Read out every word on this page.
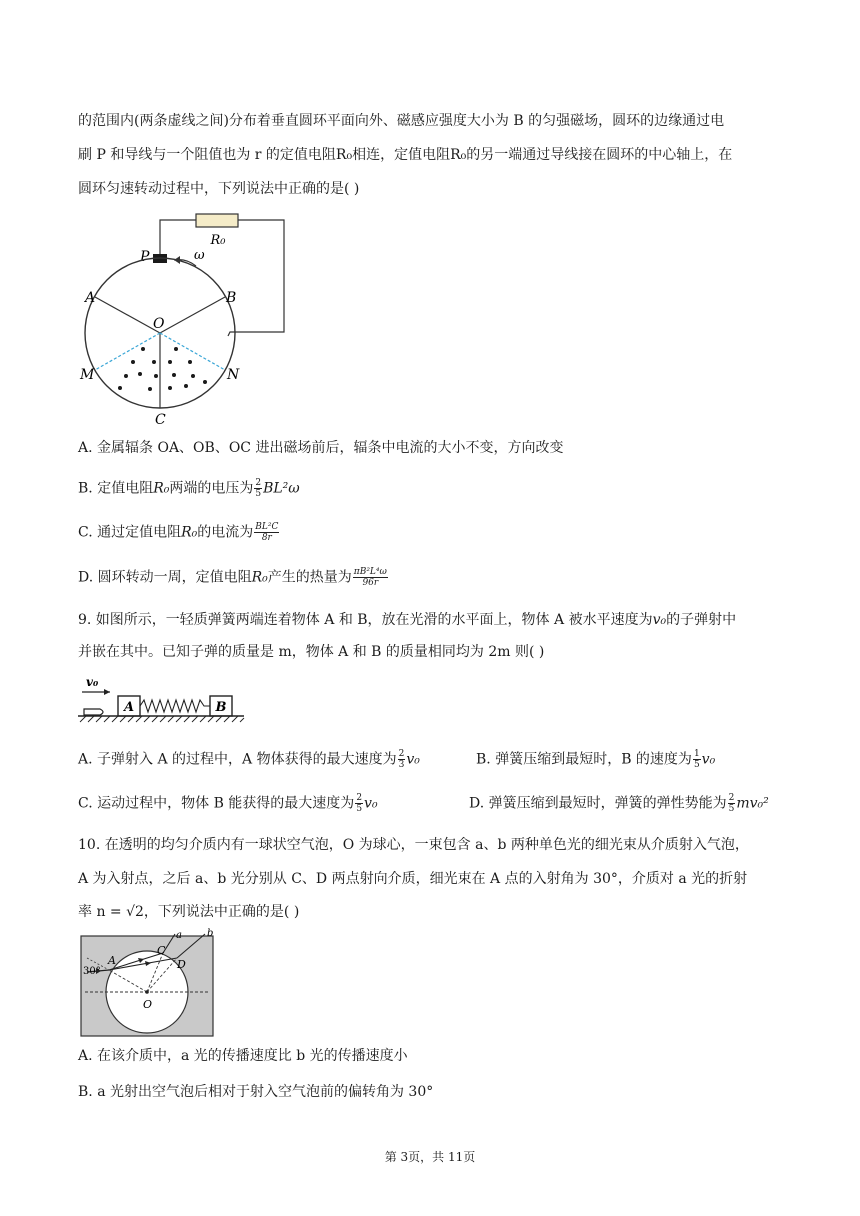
的范围内(两条虚线之间)分布着垂直圆环平面向外、磁感应强度大小为 B 的匀强磁场，圆环的边缘通过电
刷 P 和导线与一个阻值也为 r 的定值电阻R₀相连，定值电阻R₀的另一端通过导线接在圆环的中心轴上，在
圆环匀速转动过程中，下列说法中正确的是( )
R₀
P	ω
A	B
O
M	N
C
A. 金属辐条 OA、OB、OC 进出磁场前后，辐条中电流的大小不变，方向改变
B. 定值电阻R₀两端的电压为 $\frac{2}{5} BL^2\omega$
C. 通过定值电阻R₀的电流为 $\frac{\text{BL²C}}{8r}$
D. 圆环转动一周，定值电阻R₀产生的热量为 $\frac{\text{πB²L⁴ω}}{96r}$
9. 如图所示，一轻质弹簧两端连着物体 A 和 B，放在光滑的水平面上，物体 A 被水平速度为v₀的子弹射中
并嵌在其中。已知子弹的质量是 m，物体 A 和 B 的质量相同均为 2m 则( )
v₀
A	B
A. 子弹射入 A 的过程中，A 物体获得的最大速度为 $\frac{2}{3} v_0$	B. 弹簧压缩到最短时，B 的速度为 $\frac{1}{5} v_0$
C. 运动过程中，物体 B 能获得的最大速度为 $\frac{2}{5} v_0$	D. 弹簧压缩到最短时，弹簧的弹性势能为 $\frac{2}{5} mv_0^2$
10. 在透明的均匀介质内有一球状空气泡，O 为球心，一束包含 a、b 两种单色光的细光束从介质射入气泡，
A 为入射点，之后 a、b 光分别从 C、D 两点射向介质，细光束在 A 点的入射角为 30°，介质对 a 光的折射
率 n = √2，下列说法中正确的是( )
30°
A
C
D
O
a	b
A. 在该介质中，a 光的传播速度比 b 光的传播速度小
B. a 光射出空气泡后相对于射入空气泡前的偏转角为 30°
第 3页，共 11页
